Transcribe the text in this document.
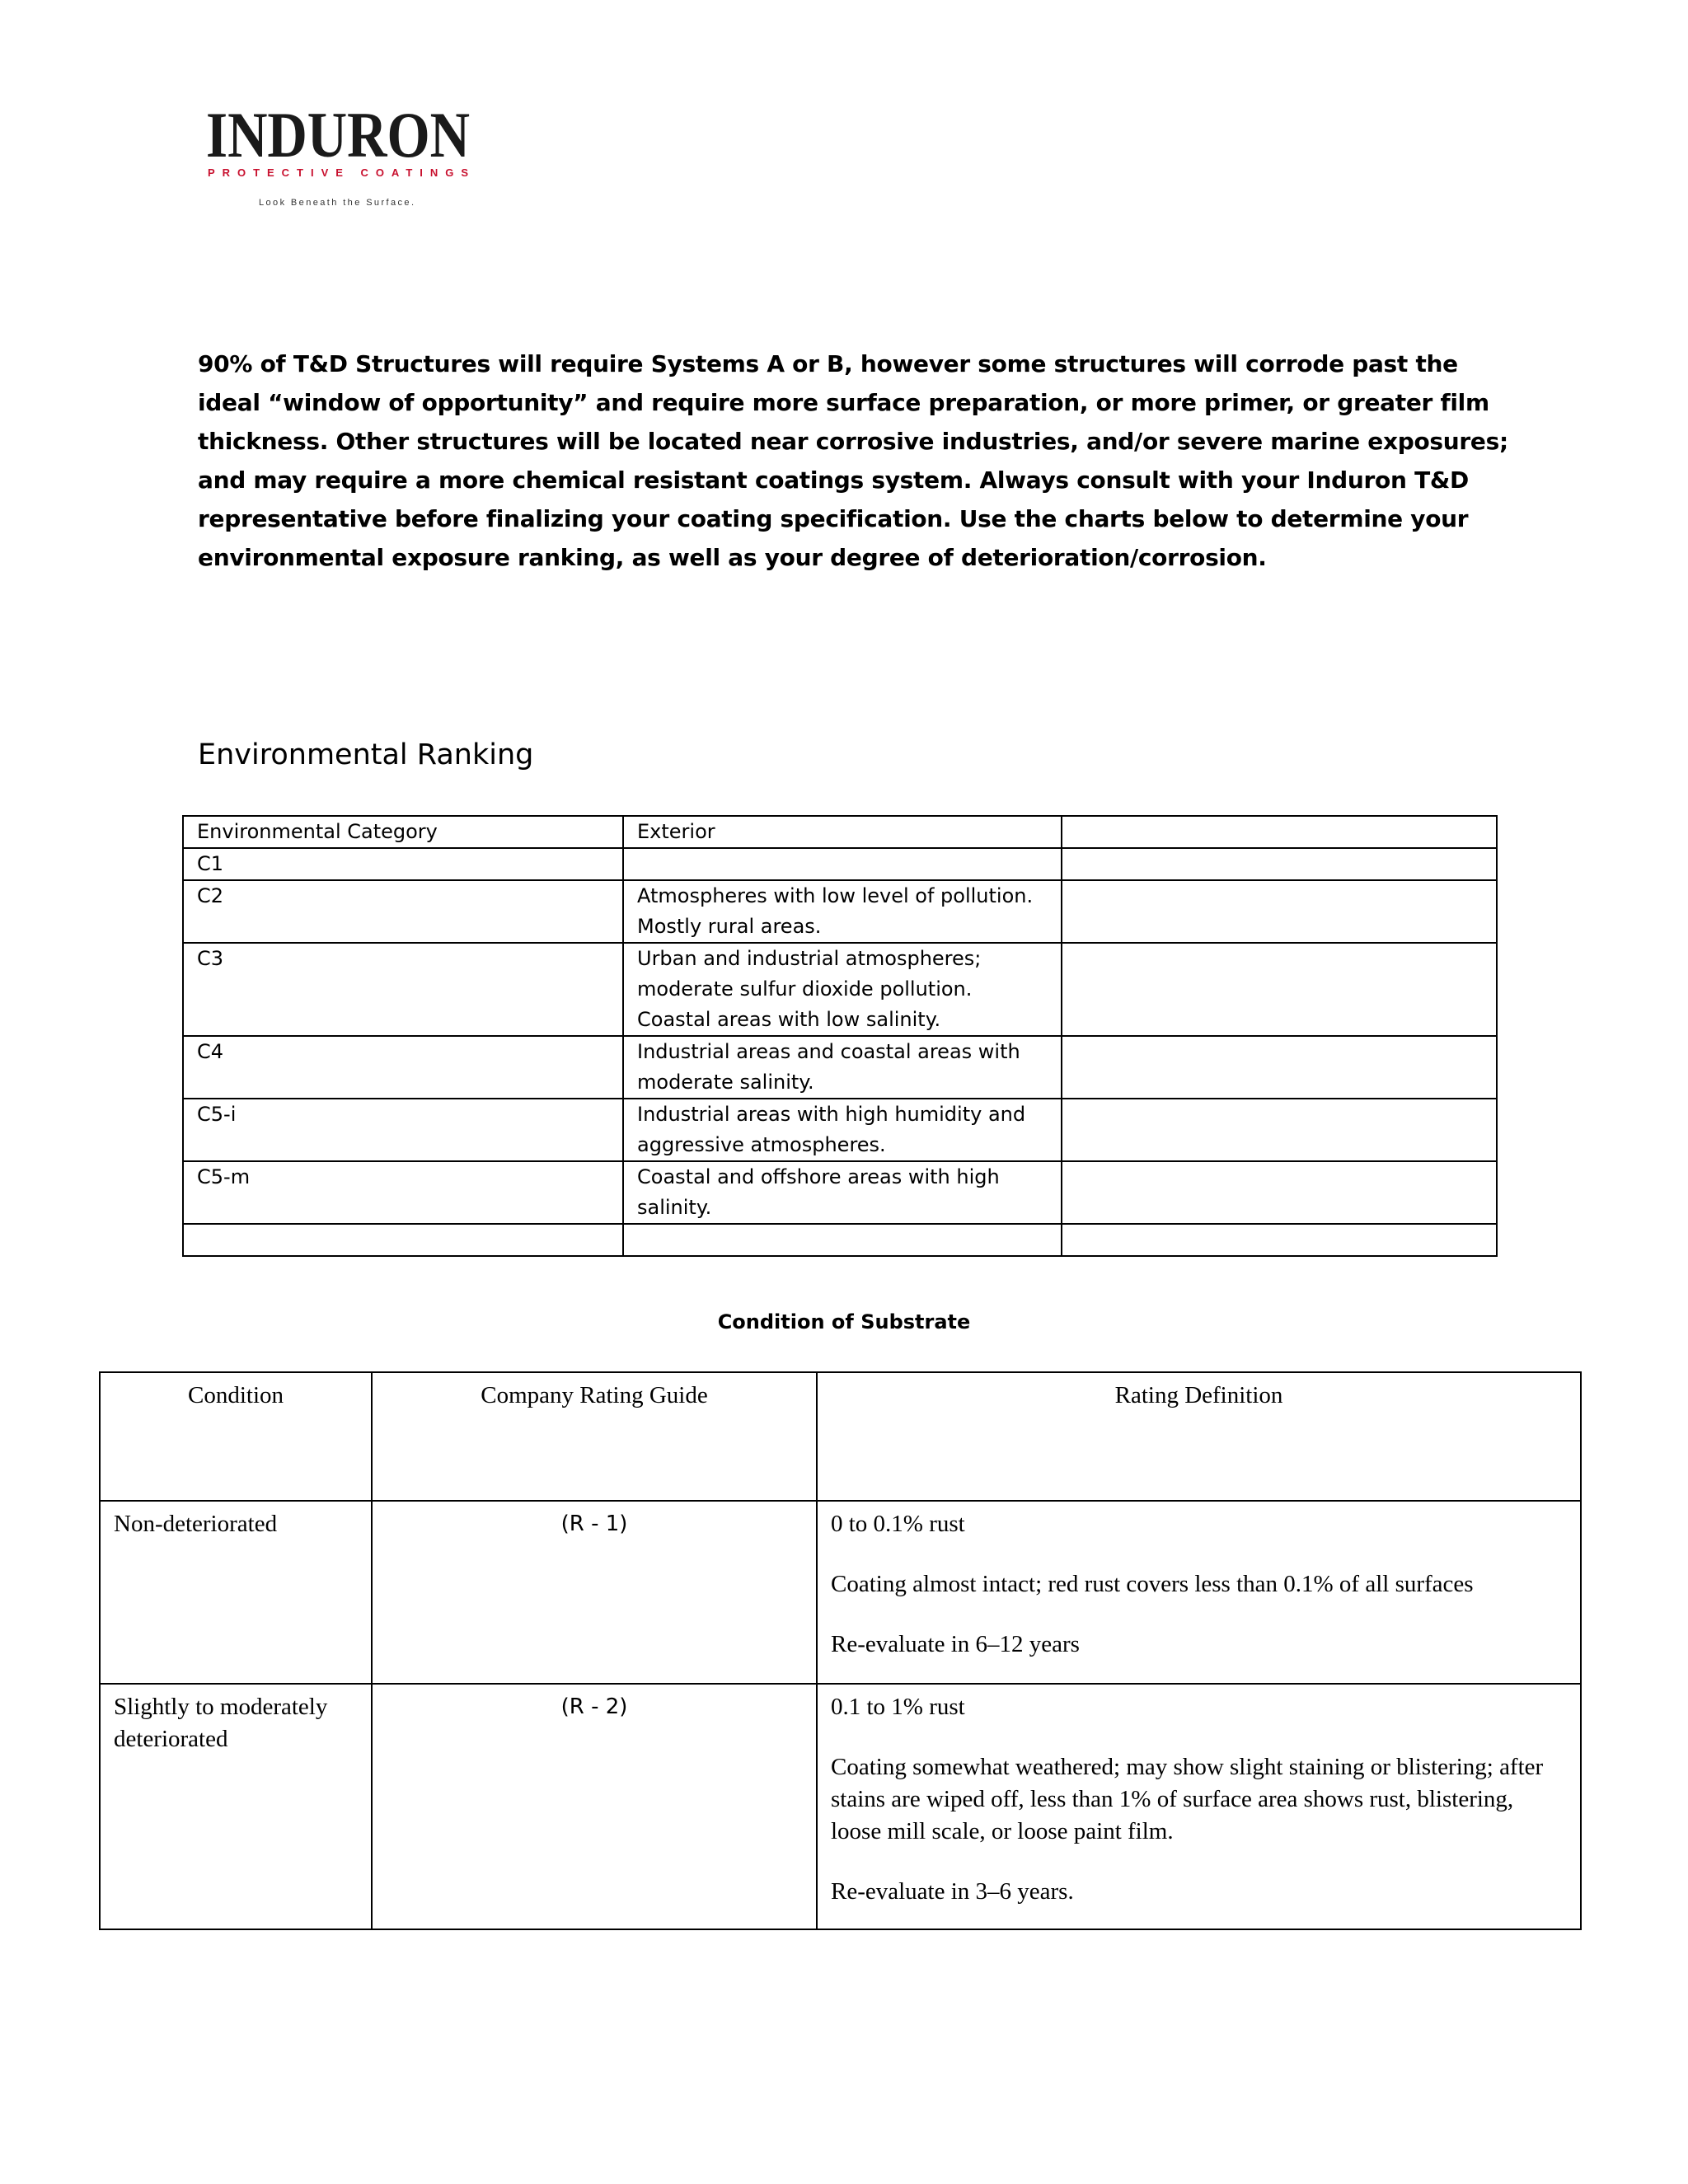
INDURON
PROTECTIVE COATINGS
Look Beneath the Surface.

90% of T&D Structures will require Systems A or B, however some structures will corrode past the ideal “window of opportunity” and require more surface preparation, or more primer, or greater film thickness. Other structures will be located near corrosive industries, and/or severe marine exposures; and may require a more chemical resistant coatings system. Always consult with your Induron T&D representative before finalizing your coating specification. Use the charts below to determine your environmental exposure ranking, as well as your degree of deterioration/corrosion.

Environmental Ranking
Environmental Category	Exterior	
C1		
C2	Atmospheres with low level of pollution. Mostly rural areas.	
C3	Urban and industrial atmospheres; moderate sulfur dioxide pollution. Coastal areas with low salinity.	
C4	Industrial areas and coastal areas with moderate salinity.	
C5-i	Industrial areas with high humidity and aggressive atmospheres.	
C5-m	Coastal and offshore areas with high salinity.	

Condition of Substrate
Condition	Company Rating Guide	Rating Definition
Non-deteriorated	(R - 1)	0 to 0.1% rust

Coating almost intact; red rust covers less than 0.1% of all surfaces

Re-evaluate in 6–12 years

Slightly to moderately deteriorated	(R - 2)	0.1 to 1% rust

Coating somewhat weathered; may show slight staining or blistering; after stains are wiped off, less than 1% of surface area shows rust, blistering, loose mill scale, or loose paint film.

Re-evaluate in 3–6 years.
